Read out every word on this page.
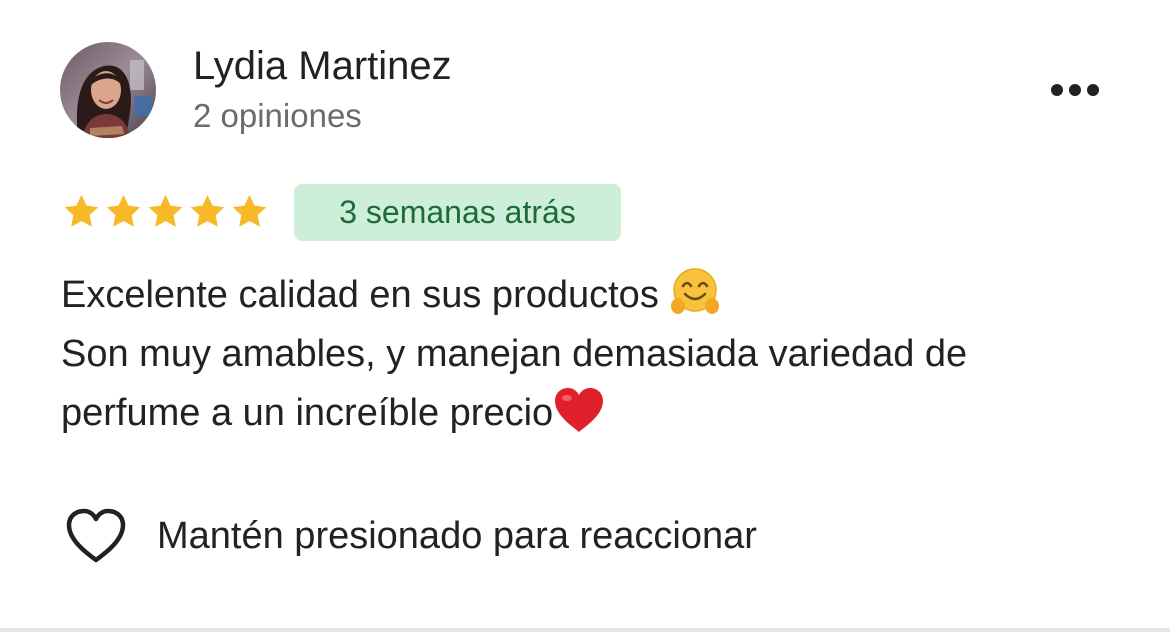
Lydia Martinez
2 opiniones
3 semanas atrás
Excelente calidad en sus productos
Son muy amables, y manejan demasiada variedad de
perfume a un increíble precio
Mantén presionado para reaccionar
